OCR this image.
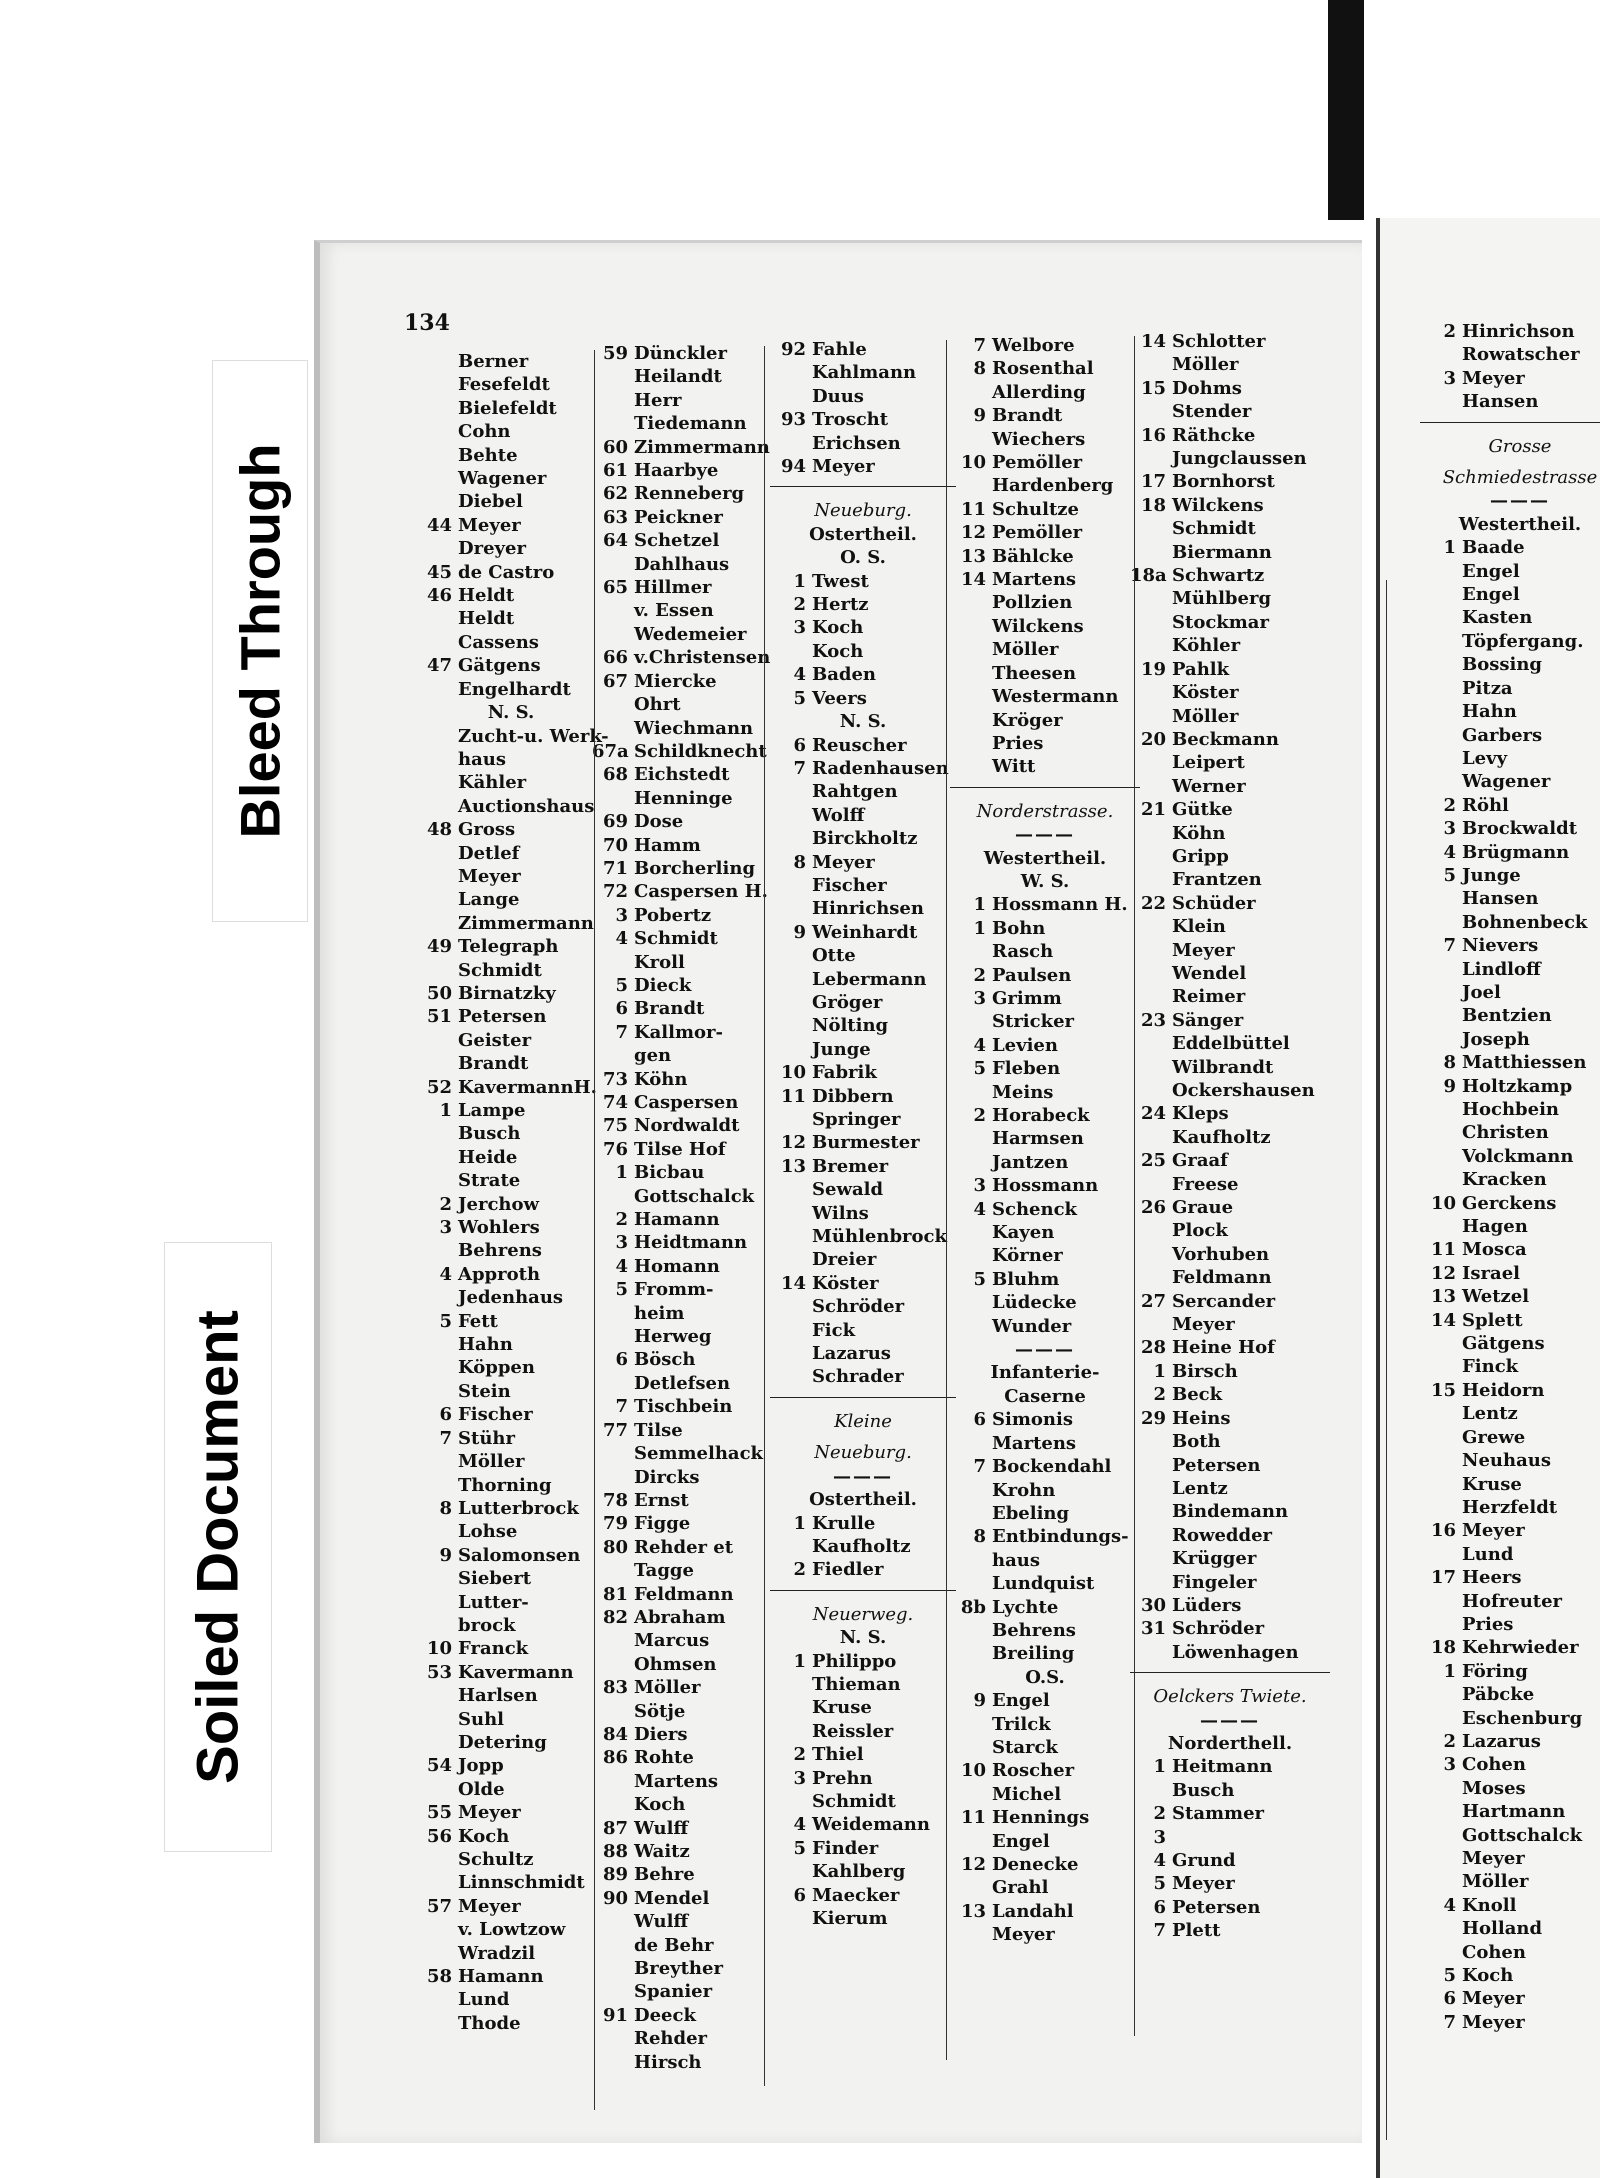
Bleed Through
Soiled Document
134
Berner
Fesefeldt
Bielefeldt
Cohn
Behte
Wagener
Diebel
44 Meyer
Dreyer
45 de Castro
46 Heldt
Heldt
Cassens
47 Gätgens
Engelhardt
N. S.
Zucht-u. Werk-
haus
Kähler
Auctionshaus
48 Gross
Detlef
Meyer
Lange
Zimmermann
49 Telegraph
Schmidt
50 Birnatzky
51 Petersen
Geister
Brandt
52 KavermannH.
1 Lampe
Busch
Heide
Strate
2 Jerchow
3 Wohlers
Behrens
4 Approth
Jedenhaus
5 Fett
Hahn
Köppen
Stein
6 Fischer
7 Stühr
Möller
Thorning
8 Lutterbrock
Lohse
9 Salomonsen
Siebert
Lutter-
brock
10 Franck
53 Kavermann
Harlsen
Suhl
Detering
54 Jopp
Olde
55 Meyer
56 Koch
Schultz
Linnschmidt
57 Meyer
v. Lowtzow
Wradzil
58 Hamann
Lund
Thode
59 Dünckler
Heilandt
Herr
Tiedemann
60 Zimmermann
61 Haarbye
62 Renneberg
63 Peickner
64 Schetzel
Dahlhaus
65 Hillmer
v. Essen
Wedemeier
66 v.Christensen
67 Miercke
Ohrt
Wiechmann
67a Schildknecht
68 Eichstedt
Henninge
69 Dose
70 Hamm
71 Borcherling
72 Caspersen H.
3 Pobertz
4 Schmidt
Kroll
5 Dieck
6 Brandt
7 Kallmor-
gen
73 Köhn
74 Caspersen
75 Nordwaldt
76 Tilse Hof
1 Bicbau
Gottschalck
2 Hamann
3 Heidtmann
4 Homann
5 Fromm-
heim
Herweg
6 Bösch
Detlefsen
7 Tischbein
77 Tilse
Semmelhack
Dircks
78 Ernst
79 Figge
80 Rehder et
Tagge
81 Feldmann
82 Abraham
Marcus
Ohmsen
83 Möller
Sötje
84 Diers
86 Rohte
Martens
Koch
87 Wulff
88 Waitz
89 Behre
90 Mendel
Wulff
de Behr
Breyther
Spanier
91 Deeck
Rehder
Hirsch
92 Fahle
Kahlmann
Duus
93 Troscht
Erichsen
94 Meyer
Neueburg.
Ostertheil.
O. S.
1 Twest
2 Hertz
3 Koch
Koch
4 Baden
5 Veers
N. S.
6 Reuscher
7 Radenhausen
Rahtgen
Wolff
Birckholtz
8 Meyer
Fischer
Hinrichsen
9 Weinhardt
Otte
Lebermann
Gröger
Nölting
Junge
10 Fabrik
11 Dibbern
Springer
12 Burmester
13 Bremer
Sewald
Wilns
Mühlenbrock
Dreier
14 Köster
Schröder
Fick
Lazarus
Schrader
Kleine
Neueburg.
———
Ostertheil.
1 Krulle
Kaufholtz
2 Fiedler
Neuerweg.
N. S.
1 Philippo
Thieman
Kruse
Reissler
2 Thiel
3 Prehn
Schmidt
4 Weidemann
5 Finder
Kahlberg
6 Maecker
Kierum
7 Welbore
8 Rosenthal
Allerding
9 Brandt
Wiechers
10 Pemöller
Hardenberg
11 Schultze
12 Pemöller
13 Bählcke
14 Martens
Pollzien
Wilckens
Möller
Theesen
Westermann
Kröger
Pries
Witt
Norderstrasse.
———
Westertheil.
W. S.
1 Hossmann H.
1 Bohn
Rasch
2 Paulsen
3 Grimm
Stricker
4 Levien
5 Fleben
Meins
2 Horabeck
Harmsen
Jantzen
3 Hossmann
4 Schenck
Kayen
Körner
5 Bluhm
Lüdecke
Wunder
———
Infanterie-
Caserne
6 Simonis
Martens
7 Bockendahl
Krohn
Ebeling
8 Entbindungs-
haus
Lundquist
8b Lychte
Behrens
Breiling
O.S.
9 Engel
Trilck
Starck
10 Roscher
Michel
11 Hennings
Engel
12 Denecke
Grahl
13 Landahl
Meyer
14 Schlotter
Möller
15 Dohms
Stender
16 Räthcke
Jungclaussen
17 Bornhorst
18 Wilckens
Schmidt
Biermann
18a Schwartz
Mühlberg
Stockmar
Köhler
19 Pahlk
Köster
Möller
20 Beckmann
Leipert
Werner
21 Gütke
Köhn
Gripp
Frantzen
22 Schüder
Klein
Meyer
Wendel
Reimer
23 Sänger
Eddelbüttel
Wilbrandt
Ockershausen
24 Kleps
Kaufholtz
25 Graaf
Freese
26 Graue
Plock
Vorhuben
Feldmann
27 Sercander
Meyer
28 Heine Hof
1 Birsch
2 Beck
29 Heins
Both
Petersen
Lentz
Bindemann
Rowedder
Krügger
Fingeler
30 Lüders
31 Schröder
Löwenhagen
Oelckers Twiete.
———
Norderthell.
1 Heitmann
Busch
2 Stammer
3
4 Grund
5 Meyer
6 Petersen
7 Plett
2 Hinrichson
Rowatscher
3 Meyer
Hansen
Grosse
Schmiedestrasse
———
Westertheil.
1 Baade
Engel
Engel
Kasten
Töpfergang.
Bossing
Pitza
Hahn
Garbers
Levy
Wagener
2 Röhl
3 Brockwaldt
4 Brügmann
5 Junge
Hansen
Bohnenbeck
7 Nievers
Lindloff
Joel
Bentzien
Joseph
8 Matthiessen
9 Holtzkamp
Hochbein
Christen
Volckmann
Kracken
10 Gerckens
Hagen
11 Mosca
12 Israel
13 Wetzel
14 Splett
Gätgens
Finck
15 Heidorn
Lentz
Grewe
Neuhaus
Kruse
Herzfeldt
16 Meyer
Lund
17 Heers
Hofreuter
Pries
18 Kehrwieder
1 Föring
Päbcke
Eschenburg
2 Lazarus
3 Cohen
Moses
Hartmann
Gottschalck
Meyer
Möller
4 Knoll
Holland
Cohen
5 Koch
6 Meyer
7 Meyer
